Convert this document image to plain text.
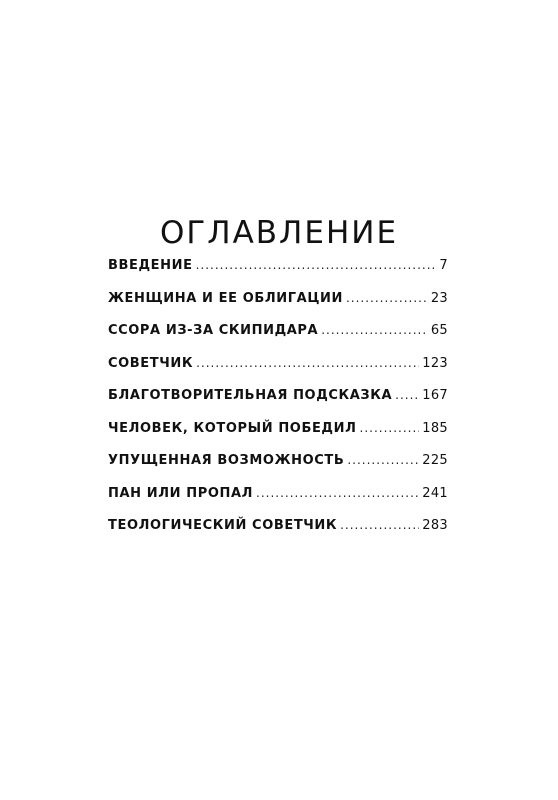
ОГЛАВЛЕНИЕ
ВВЕДЕНИЕ .....	7
ЖЕНЩИНА И ЕЕ ОБЛИГАЦИИ .....	23
ССОРА ИЗ-ЗА СКИПИДАРА .....	65
СОВЕТЧИК .....	123
БЛАГОТВОРИТЕЛЬНАЯ ПОДСКАЗКА ..... 167
ЧЕЛОВЕК, КОТОРЫЙ ПОБЕДИЛ .....	185
УПУЩЕННАЯ ВОЗМОЖНОСТЬ .....	225
ПАН ИЛИ ПРОПАЛ .....	241
ТЕОЛОГИЧЕСКИЙ СОВЕТЧИК .....	283
